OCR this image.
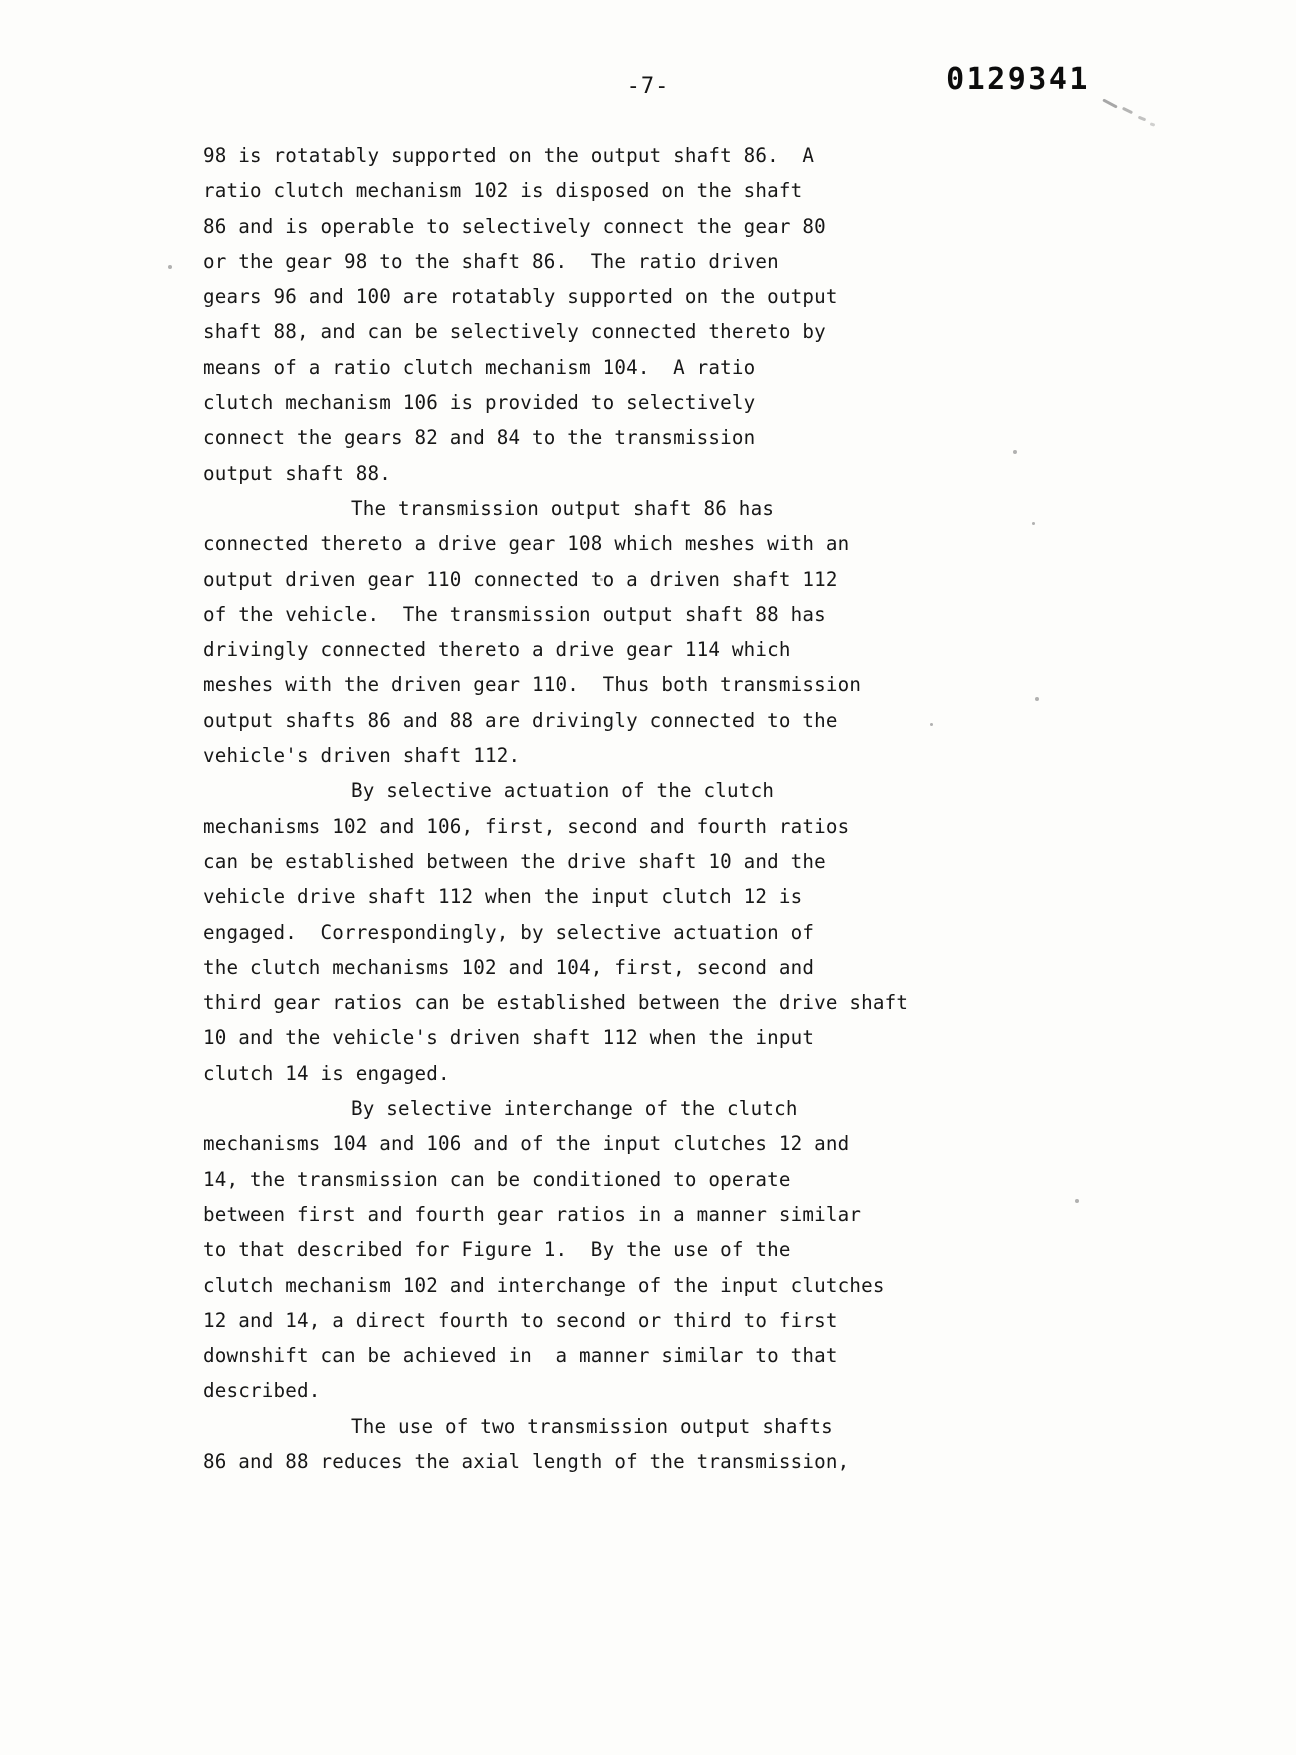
-7-	0129341

98 is rotatably supported on the output shaft 86.  A
ratio clutch mechanism 102 is disposed on the shaft
86 and is operable to selectively connect the gear 80
or the gear 98 to the shaft 86.  The ratio driven
gears 96 and 100 are rotatably supported on the output
shaft 88, and can be selectively connected thereto by
means of a ratio clutch mechanism 104.  A ratio
clutch mechanism 106 is provided to selectively
connect the gears 82 and 84 to the transmission
output shaft 88.

The transmission output shaft 86 has
connected thereto a drive gear 108 which meshes with an
output driven gear 110 connected to a driven shaft 112
of the vehicle.  The transmission output shaft 88 has
drivingly connected thereto a drive gear 114 which
meshes with the driven gear 110.  Thus both transmission
output shafts 86 and 88 are drivingly connected to the
vehicle's driven shaft 112.

By selective actuation of the clutch
mechanisms 102 and 106, first, second and fourth ratios
can be established between the drive shaft 10 and the
vehicle drive shaft 112 when the input clutch 12 is
engaged.  Correspondingly, by selective actuation of
the clutch mechanisms 102 and 104, first, second and
third gear ratios can be established between the drive shaft
10 and the vehicle's driven shaft 112 when the input
clutch 14 is engaged.

By selective interchange of the clutch
mechanisms 104 and 106 and of the input clutches 12 and
14, the transmission can be conditioned to operate
between first and fourth gear ratios in a manner similar
to that described for Figure 1.  By the use of the
clutch mechanism 102 and interchange of the input clutches
12 and 14, a direct fourth to second or third to first
downshift can be achieved in  a manner similar to that
described.

The use of two transmission output shafts
86 and 88 reduces the axial length of the transmission,
